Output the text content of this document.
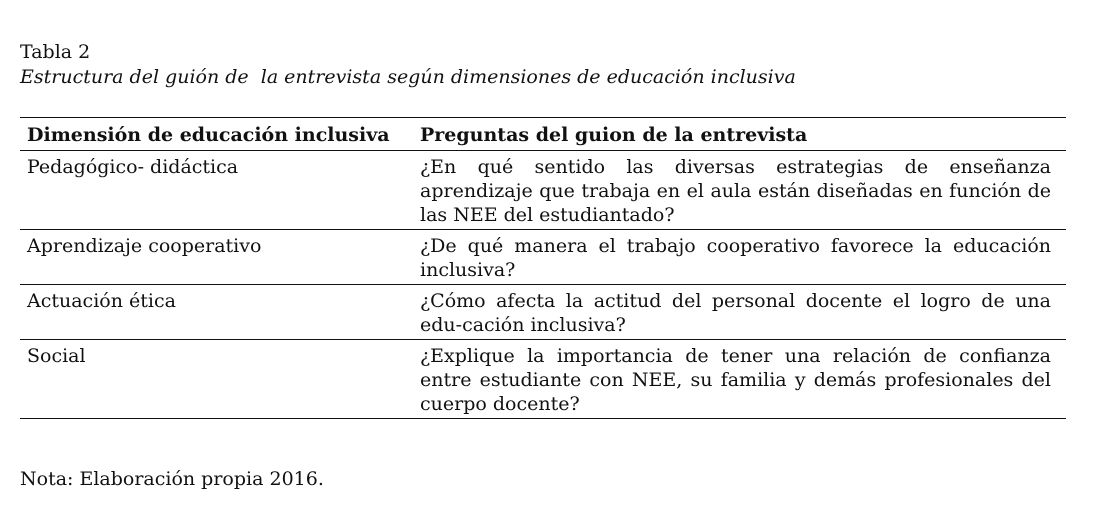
Tabla 2
Estructura del guión de  la entrevista según dimensiones de educación inclusiva
Dimensión de educación inclusiva	Preguntas del guion de la entrevista
Pedagógico- didáctica	¿En qué sentido las diversas estrategias de enseñanza aprendizaje que trabaja en el aula están diseñadas en función de las NEE del estudiantado?
Aprendizaje cooperativo	¿De qué manera el trabajo cooperativo favorece la educación inclusiva?
Actuación ética	¿Cómo afecta la actitud del personal docente el logro de una edu-cación inclusiva?
Social	¿Explique la importancia de tener una relación de confianza entre estudiante con NEE, su familia y demás profesionales del cuerpo docente?
Nota: Elaboración propia 2016.
